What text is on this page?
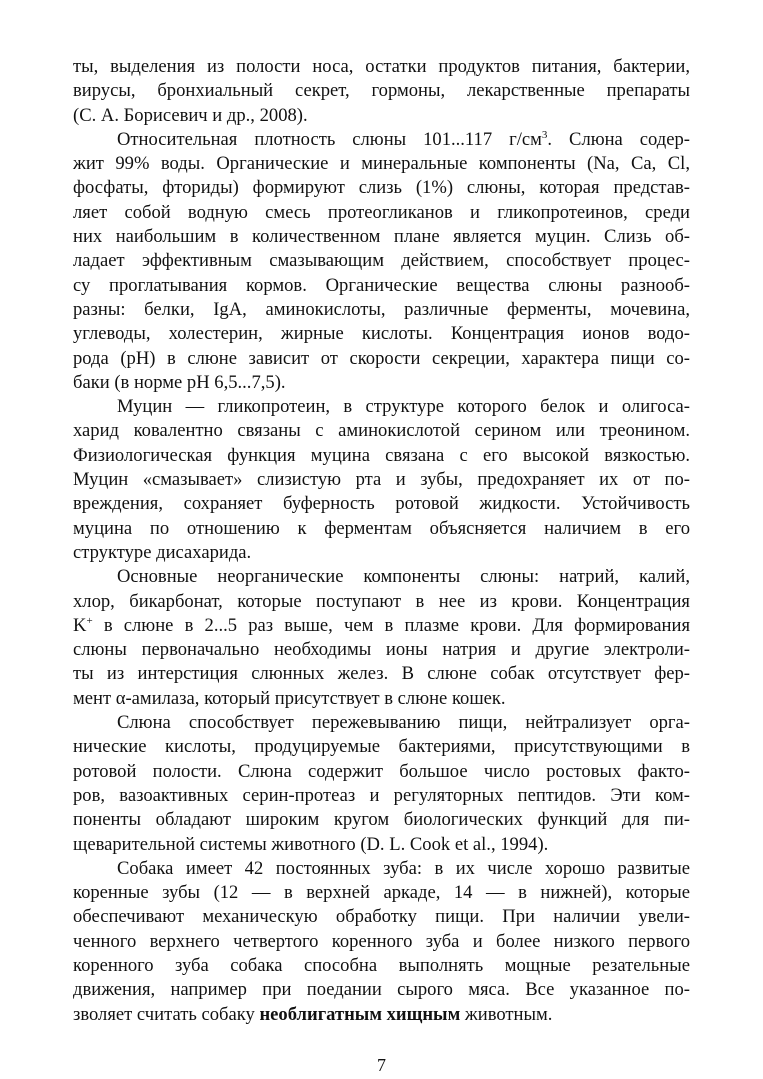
ты, выделения из полости носа, остатки продуктов питания, бактерии,
вирусы, бронхиальный секрет, гормоны, лекарственные препараты
(С. А. Борисевич и др., 2008).
Относительная плотность слюны 101...117 $г/см^3$. Слюна содер-
жит 99% воды. Органические и минеральные компоненты (Na, Ca, Cl,
фосфаты, фториды) формируют слизь (1%) слюны, которая представ-
ляет собой водную смесь протеогликанов и гликопротеинов, среди
них наибольшим в количественном плане является муцин. Слизь об-
ладает эффективным смазывающим действием, способствует процес-
су проглатывания кормов. Органические вещества слюны разнооб-
разны: белки, IgA, аминокислоты, различные ферменты, мочевина,
углеводы, холестерин, жирные кислоты. Концентрация ионов водо-
рода (pH) в слюне зависит от скорости секреции, характера пищи со-
баки (в норме pH 6,5...7,5).
Муцин — гликопротеин, в структуре которого белок и олигоса-
харид ковалентно связаны с аминокислотой серином или треонином.
Физиологическая функция муцина связана с его высокой вязкостью.
Муцин «смазывает» слизистую рта и зубы, предохраняет их от по-
вреждения, сохраняет буферность ротовой жидкости. Устойчивость
муцина по отношению к ферментам объясняется наличием в его
структуре дисахарида.
Основные неорганические компоненты слюны: натрий, калий,
хлор, бикарбонат, которые поступают в нее из крови. Концентрация
K+ в слюне в 2...5 раз выше, чем в плазме крови. Для формирования
слюны первоначально необходимы ионы натрия и другие электроли-
ты из интерстиция слюнных желез. В слюне собак отсутствует фер-
мент α-амилаза, который присутствует в слюне кошек.
Слюна способствует пережевыванию пищи, нейтрализует орга-
нические кислоты, продуцируемые бактериями, присутствующими в
ротовой полости. Слюна содержит большое число ростовых факто-
ров, вазоактивных серин-протеаз и регуляторных пептидов. Эти ком-
поненты обладают широким кругом биологических функций для пи-
щеварительной системы животного (D. L. Cook et al., 1994).
Собака имеет 42 постоянных зуба: в их числе хорошо развитые
коренные зубы (12 — в верхней аркаде, 14 — в нижней), которые
обеспечивают механическую обработку пищи. При наличии увели-
ченного верхнего четвертого коренного зуба и более низкого первого
коренного зуба собака способна выполнять мощные резательные
движения, например при поедании сырого мяса. Все указанное по-
зволяет считать собаку необлигатным хищным животным.
7
